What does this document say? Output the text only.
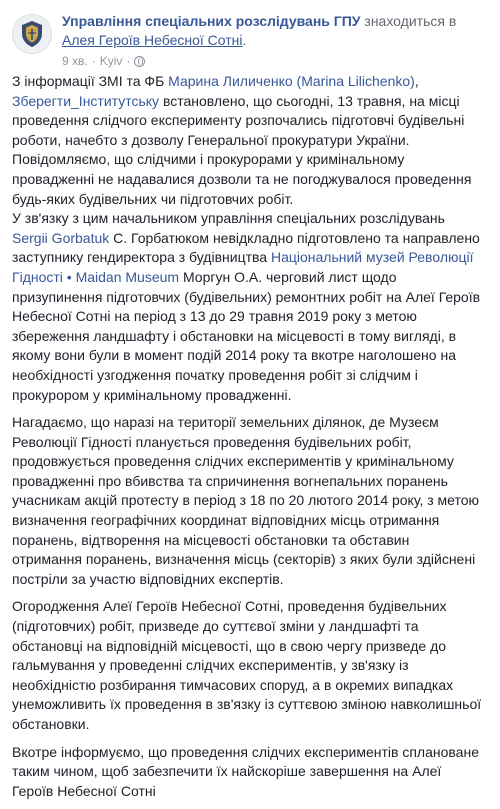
Управління спеціальних розслідувань ГПУ знаходиться в
Алея Героїв Небесної Сотні.
9 хв. · Kyiv ·

З інформації ЗМІ та ФБ Марина Лиличенко (Marina Lilichenko), Зберегти_Інститутську встановлено, що сьогодні, 13 травня, на місці проведення слідчого експерименту розпочались підготовчі будівельні роботи, начебто з дозволу Генеральної прокуратури України.

Повідомляємо, що слідчими і прокурорами у кримінальному провадженні не надавалися дозволи та не погоджувалося проведення будь-яких будівельних чи підготовчих робіт.

У зв'язку з цим начальником управління спеціальних розслідувань Sergii Gorbatuk С. Горбатюком невідкладно підготовлено та направлено заступнику гендиректора з будівництва Національний музей Революції Гідності • Maidan Museum Моргун О.А. черговий лист щодо призупинення підготовчих (будівельних) ремонтних робіт на Алеї Героїв Небесної Сотні на період з 13 до 29 травня 2019 року з метою збереження ландшафту і обстановки на місцевості в тому вигляді, в якому вони були в момент подій 2014 року та вкотре наголошено на необхідності узгодження початку проведення робіт зі слідчим і прокурором у кримінальному провадженні.

Нагадаємо, що наразі на території земельних ділянок, де Музеєм Революції Гідності планується проведення будівельних робіт, продовжується проведення слідчих експериментів у кримінальному провадженні про вбивства та спричинення вогнепальних поранень учасникам акцій протесту в період з 18 по 20 лютого 2014 року, з метою визначення географічних координат відповідних місць отримання поранень, відтворення на місцевості обстановки та обставин отримання поранень, визначення місць (секторів) з яких були здійснені постріли за участю відповідних експертів.

Огородження Алеї Героїв Небесної Сотні, проведення будівельних (підготовчих) робіт, призведе до суттєвої зміни у ландшафті та обстановці на відповідній місцевості, що в свою чергу призведе до гальмування у проведенні слідчих експериментів, у зв'язку із необхідністю розбирання тимчасових споруд, а в окремих випадках унеможливить їх проведення в зв'язку із суттєвою зміною навколишньої обстановки.

Вкотре інформуємо, що проведення слідчих експериментів сплановане таким чином, щоб забезпечити їх найскоріше завершення на Алеї Героїв Небесної Сотні
